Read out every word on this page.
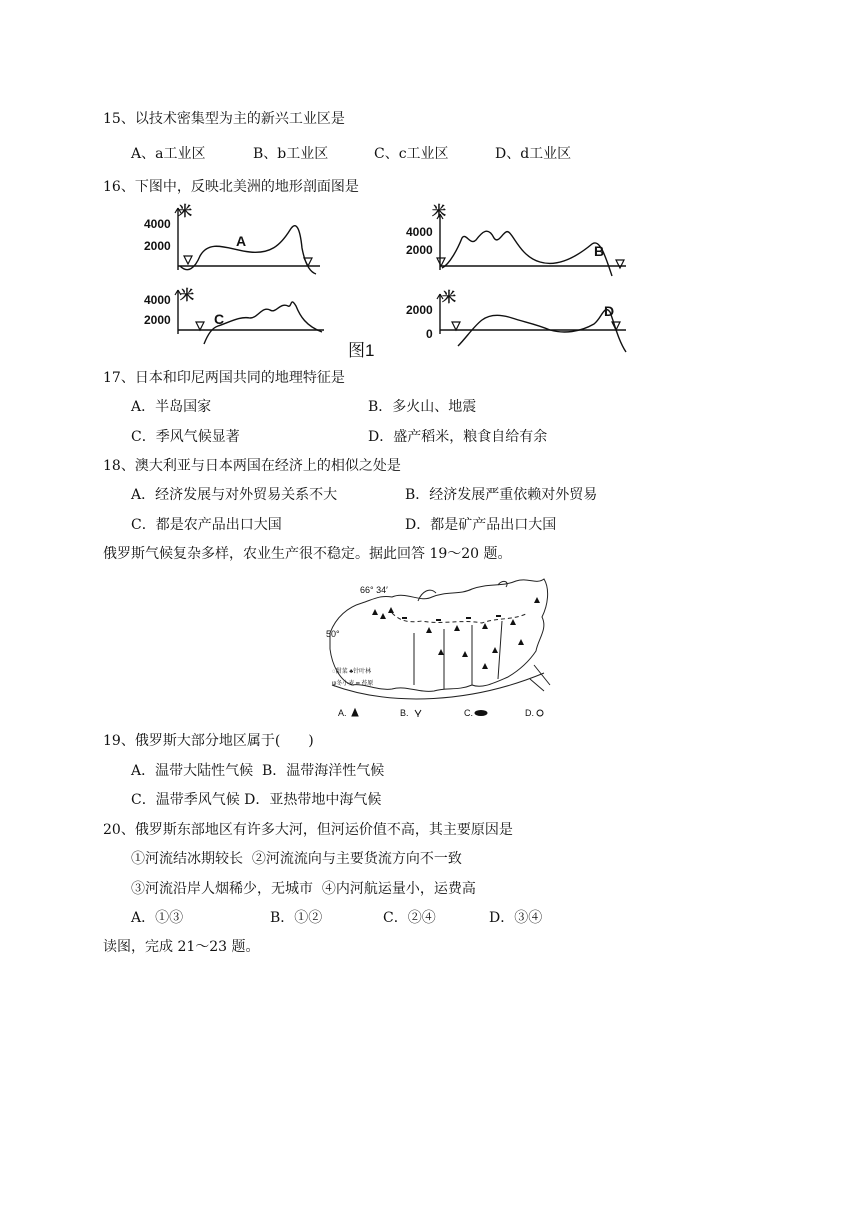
15、以技术密集型为主的新兴工业区是
A、a工业区	B、b工业区	C、c工业区	D、d工业区
16、下图中，反映北美洲的地形剖面图是
4000
2000
米
A
4000
2000
米
B
4000
2000
米
C
2000
0
米
D
图1
17、日本和印尼两国共同的地理特征是
A．半岛国家	B．多火山、地震
C．季风气候显著	D．盛产稻米，粮食自给有余
18、澳大利亚与日本两国在经济上的相似之处是
A．经济发展与对外贸易关系不大	B．经济发展严重依赖对外贸易
C．都是农产品出口大国	D．都是矿产品出口大国
俄罗斯气候复杂多样，农业生产很不稳定。据此回答 19～20 题。
66° 34′
50°
◌甜菜 ♣针叶林
ψ冬小麦 ━ 苔原
A.	B.	C.	D.
19、俄罗斯大部分地区属于(　　)
A．温带大陆性气候  B．温带海洋性气候
C．温带季风气候 D．亚热带地中海气候
20、俄罗斯东部地区有许多大河，但河运价值不高，其主要原因是
①河流结冰期较长  ②河流流向与主要货流方向不一致
③河流沿岸人烟稀少，无城市  ④内河航运量小，运费高
A．①③	B．①②	C．②④	D．③④
读图，完成 21～23 题。
